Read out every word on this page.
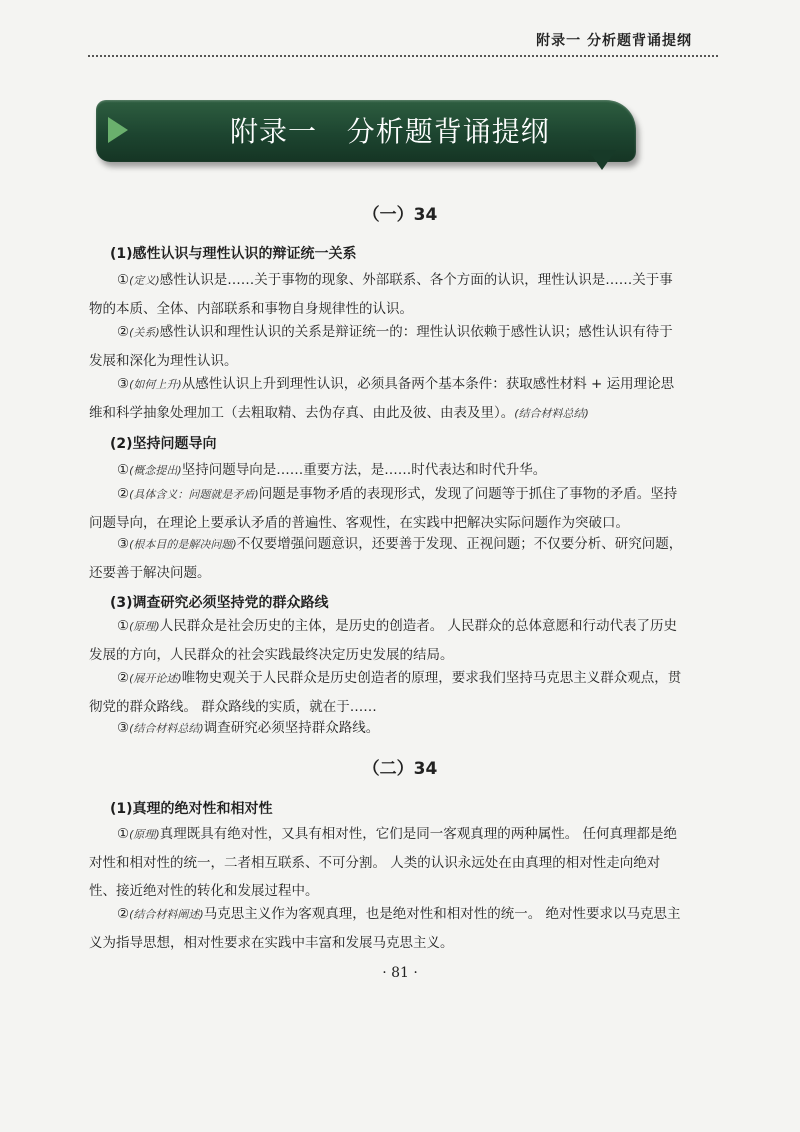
附录一 分析题背诵提纲
附录一   分析题背诵提纲
（一）34
(1)感性认识与理性认识的辩证统一关系
①(定义)感性认识是……关于事物的现象、外部联系、各个方面的认识，理性认识是……关于事物的本质、全体、内部联系和事物自身规律性的认识。
②(关系)感性认识和理性认识的关系是辩证统一的：理性认识依赖于感性认识；感性认识有待于发展和深化为理性认识。
③(如何上升)从感性认识上升到理性认识，必须具备两个基本条件：获取感性材料 + 运用理论思维和科学抽象处理加工（去粗取精、去伪存真、由此及彼、由表及里）。(结合材料总结)
(2)坚持问题导向
①(概念提出)坚持问题导向是……重要方法，是……时代表达和时代升华。
②(具体含义：问题就是矛盾)问题是事物矛盾的表现形式，发现了问题等于抓住了事物的矛盾。坚持问题导向，在理论上要承认矛盾的普遍性、客观性，在实践中把解决实际问题作为突破口。
③(根本目的是解决问题)不仅要增强问题意识，还要善于发现、正视问题；不仅要分析、研究问题，还要善于解决问题。
(3)调查研究必须坚持党的群众路线
①(原理)人民群众是社会历史的主体，是历史的创造者。 人民群众的总体意愿和行动代表了历史发展的方向，人民群众的社会实践最终决定历史发展的结局。
②(展开论述)唯物史观关于人民群众是历史创造者的原理，要求我们坚持马克思主义群众观点，贯彻党的群众路线。 群众路线的实质，就在于……
③(结合材料总结)调查研究必须坚持群众路线。
（二）34
(1)真理的绝对性和相对性
①(原理)真理既具有绝对性，又具有相对性，它们是同一客观真理的两种属性。 任何真理都是绝对性和相对性的统一，二者相互联系、不可分割。 人类的认识永远处在由真理的相对性走向绝对性、接近绝对性的转化和发展过程中。
②(结合材料阐述)马克思主义作为客观真理，也是绝对性和相对性的统一。 绝对性要求以马克思主义为指导思想，相对性要求在实践中丰富和发展马克思主义。
· 81 ·
